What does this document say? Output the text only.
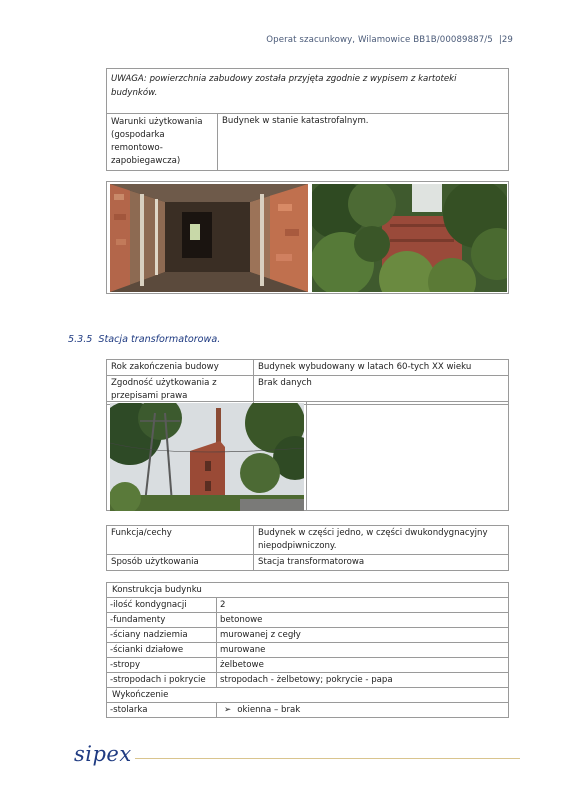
Operat szacunkowy, Wilamowice BB1B/00089887/5 |29
UWAGA: powierzchnia zabudowy została przyjęta zgodnie z wypisem z kartoteki budynków.
Warunki użytkowania (gospodarka remontowo-zapobiegawcza)	Budynek w stanie katastrofalnym.
5.3.5 Stacja transformatorowa.
Rok zakończenia budowy	Budynek wybudowany w latach 60-tych XX wieku
Zgodność użytkowania z przepisami prawa	Brak danych
Funkcja/cechy	Budynek w części jedno, w części dwukondygnacyjny niepodpiwniczony.
Sposób użytkowania	Stacja transformatorowa
Konstrukcja budynku	
-ilość kondygnacji	2
-fundamenty	betonowe
-ściany nadziemia	murowanej z cegły
-ścianki działowe	murowane
-stropy	żelbetowe
-stropodach i pokrycie	stropodach - żelbetowy; pokrycie - papa
Wykończenie	
-stolarka	➢ okienna – brak
sipex
